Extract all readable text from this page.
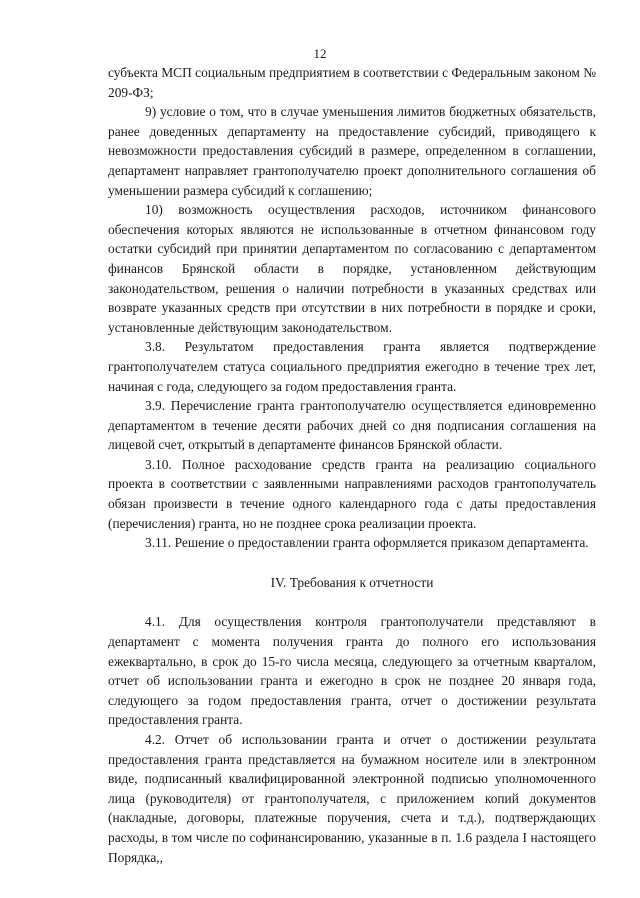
12

субъекта МСП социальным предприятием в соответствии с Федеральным законом № 209-ФЗ;

9) условие о том, что в случае уменьшения лимитов бюджетных обязательств, ранее доведенных департаменту на предоставление субсидий, приводящего к невозможности предоставления субсидий в размере, определенном в соглашении, департамент направляет грантополучателю проект дополнительного соглашения об уменьшении размера субсидий к соглашению;

10) возможность осуществления расходов, источником финансового обеспечения которых являются не использованные в отчетном финансовом году остатки субсидий при принятии департаментом по согласованию с департаментом финансов Брянской области в порядке, установленном действующим законодательством, решения о наличии потребности в указанных средствах или возврате указанных средств при отсутствии в них потребности в порядке и сроки, установленные действующим законодательством.

3.8. Результатом предоставления гранта является подтверждение грантополучателем статуса социального предприятия ежегодно в течение трех лет, начиная с года, следующего за годом предоставления гранта.

3.9. Перечисление гранта грантополучателю осуществляется единовременно департаментом в течение десяти рабочих дней со дня подписания соглашения на лицевой счет, открытый в департаменте финансов Брянской области.

3.10. Полное расходование средств гранта на реализацию социального проекта в соответствии с заявленными направлениями расходов грантополучатель обязан произвести в течение одного календарного года с даты предоставления (перечисления) гранта, но не позднее срока реализации проекта.

3.11. Решение о предоставлении гранта оформляется приказом департамента.

IV. Требования к отчетности

4.1. Для осуществления контроля грантополучатели представляют в департамент с момента получения гранта до полного его использования ежеквартально, в срок до 15-го числа месяца, следующего за отчетным кварталом, отчет об использовании гранта и ежегодно в срок не позднее 20 января года, следующего за годом предоставления гранта, отчет о достижении результата предоставления гранта.

4.2. Отчет об использовании гранта и отчет о достижении результата предоставления гранта представляется на бумажном носителе или в электронном виде, подписанный квалифицированной электронной подписью уполномоченного лица (руководителя) от грантополучателя, с приложением копий документов (накладные, договоры, платежные поручения, счета и т.д.), подтверждающих расходы, в том числе по софинансированию, указанные в п. 1.6 раздела I настоящего Порядка,,
